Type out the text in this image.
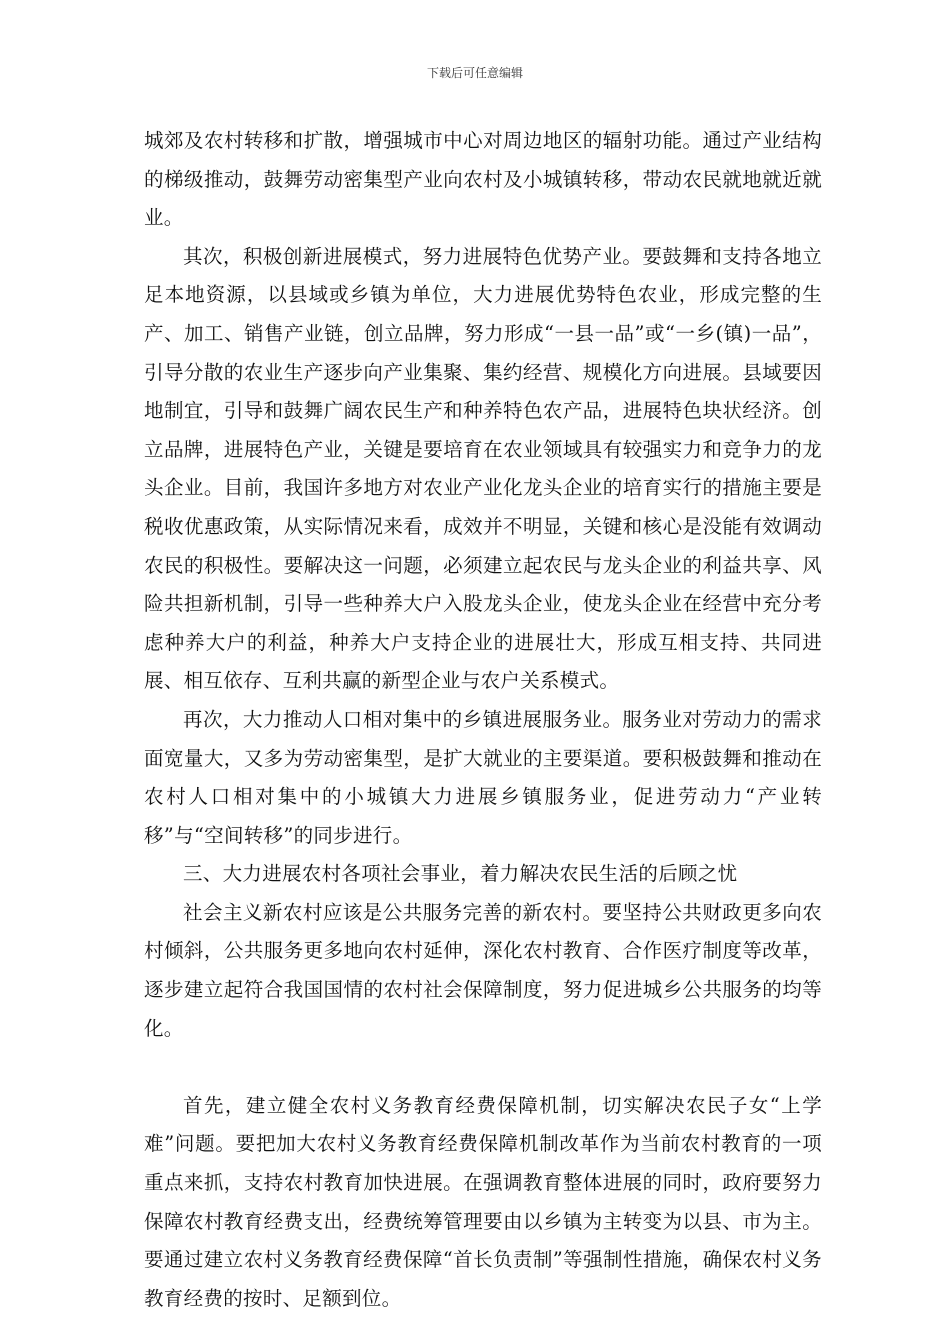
下载后可任意编辑

城郊及农村转移和扩散，增强城市中心对周边地区的辐射功能。通过产业结构的梯级推动，鼓舞劳动密集型产业向农村及小城镇转移，带动农民就地就近就业。

其次，积极创新进展模式，努力进展特色优势产业。要鼓舞和支持各地立足本地资源，以县域或乡镇为单位，大力进展优势特色农业，形成完整的生产、加工、销售产业链，创立品牌，努力形成“一县一品”或“一乡(镇)一品”，引导分散的农业生产逐步向产业集聚、集约经营、规模化方向进展。县域要因地制宜，引导和鼓舞广阔农民生产和种养特色农产品，进展特色块状经济。创立品牌，进展特色产业，关键是要培育在农业领域具有较强实力和竞争力的龙头企业。目前，我国许多地方对农业产业化龙头企业的培育实行的措施主要是税收优惠政策，从实际情况来看，成效并不明显，关键和核心是没能有效调动农民的积极性。要解决这一问题，必须建立起农民与龙头企业的利益共享、风险共担新机制，引导一些种养大户入股龙头企业，使龙头企业在经营中充分考虑种养大户的利益，种养大户支持企业的进展壮大，形成互相支持、共同进展、相互依存、互利共赢的新型企业与农户关系模式。

再次，大力推动人口相对集中的乡镇进展服务业。服务业对劳动力的需求面宽量大，又多为劳动密集型，是扩大就业的主要渠道。要积极鼓舞和推动在农村人口相对集中的小城镇大力进展乡镇服务业，促进劳动力“产业转移”与“空间转移”的同步进行。

三、大力进展农村各项社会事业，着力解决农民生活的后顾之忧

社会主义新农村应该是公共服务完善的新农村。要坚持公共财政更多向农村倾斜，公共服务更多地向农村延伸，深化农村教育、合作医疗制度等改革，逐步建立起符合我国国情的农村社会保障制度，努力促进城乡公共服务的均等化。

首先，建立健全农村义务教育经费保障机制，切实解决农民子女“上学难”问题。要把加大农村义务教育经费保障机制改革作为当前农村教育的一项重点来抓，支持农村教育加快进展。在强调教育整体进展的同时，政府要努力保障农村教育经费支出，经费统筹管理要由以乡镇为主转变为以县、市为主。要通过建立农村义务教育经费保障“首长负责制”等强制性措施，确保农村义务教育经费的按时、足额到位。
